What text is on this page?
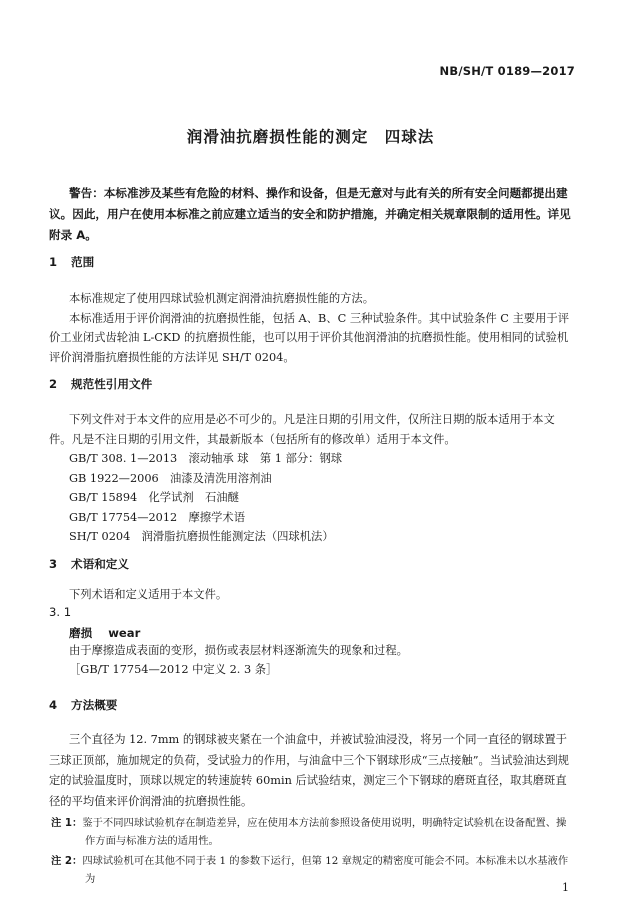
NB/SH/T 0189—2017
润滑油抗磨损性能的测定　四球法
警告：本标准涉及某些有危险的材料、操作和设备，但是无意对与此有关的所有安全问题都提出建议。因此，用户在使用本标准之前应建立适当的安全和防护措施，并确定相关规章限制的适用性。详见附录 A。
1 范围

本标准规定了使用四球试验机测定润滑油抗磨损性能的方法。

本标准适用于评价润滑油的抗磨损性能，包括 A、B、C 三种试验条件。其中试验条件 C 主要用于评价工业闭式齿轮油 L-CKD 的抗磨损性能，也可以用于评价其他润滑油的抗磨损性能。使用相同的试验机评价润滑脂抗磨损性能的方法详见 SH/T 0204。

2 规范性引用文件

下列文件对于本文件的应用是必不可少的。凡是注日期的引用文件，仅所注日期的版本适用于本文件。凡是不注日期的引用文件，其最新版本（包括所有的修改单）适用于本文件。

GB/T 308. 1—2013　滚动轴承 球　第 1 部分：钢球
GB 1922—2006　油漆及清洗用溶剂油
GB/T 15894　化学试剂　石油醚
GB/T 17754—2012　摩擦学术语
SH/T 0204　润滑脂抗磨损性能测定法（四球机法）
3 术语和定义

下列术语和定义适用于本文件。

3. 1
磨损 wear
由于摩擦造成表面的变形，损伤或表层材料逐渐流失的现象和过程。
［GB/T 17754—2012 中定义 2. 3 条］
4 方法概要

三个直径为 12. 7mm 的钢球被夹紧在一个油盒中，并被试验油浸没，将另一个同一直径的钢球置于三球正顶部，施加规定的负荷，受试验力的作用，与油盒中三个下钢球形成“三点接触”。当试验油达到规定的试验温度时，顶球以规定的转速旋转 60min 后试验结束，测定三个下钢球的磨斑直径，取其磨斑直径的平均值来评价润滑油的抗磨损性能。

注 1：鉴于不同四球试验机存在制造差异，应在使用本方法前参照设备使用说明，明确特定试验机在设备配置、操作方面与标准方法的适用性。

注 2：四球试验机可在其他不同于表 1 的参数下运行，但第 12 章规定的精密度可能会不同。本标准未以水基液作为

1
